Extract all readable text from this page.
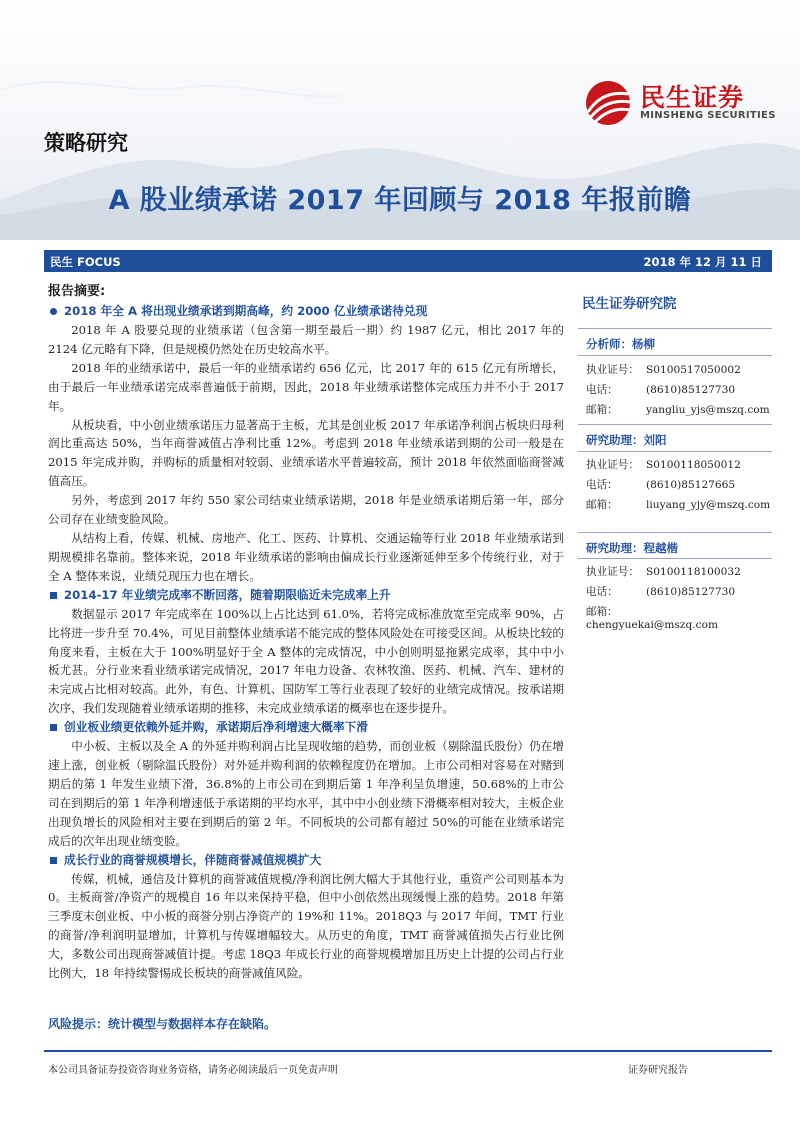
民生证券
MINSHENG SECURITIES
策略研究
A 股业绩承诺 2017 年回顾与 2018 年报前瞻
民生 FOCUS	2018 年 12 月 11 日
报告摘要:
2018 年全 A 将出现业绩承诺到期高峰，约 2000 亿业绩承诺待兑现
2018 年 A 股要兑现的业绩承诺（包含第一期至最后一期）约 1987 亿元，相比 2017 年的 2124 亿元略有下降，但是规模仍然处在历史较高水平。
2018 年的业绩承诺中，最后一年的业绩承诺约 656 亿元，比 2017 年的 615 亿元有所增长，由于最后一年业绩承诺完成率普遍低于前期，因此，2018 年业绩承诺整体完成压力并不小于 2017 年。
从板块看，中小创业绩承诺压力显著高于主板，尤其是创业板 2017 年承诺净利润占板块归母利润比重高达 50%，当年商誉减值占净利比重 12%。考虑到 2018 年业绩承诺到期的公司一般是在 2015 年完成并购，并购标的质量相对较弱、业绩承诺水平普遍较高，预计 2018 年依然面临商誉减值高压。
另外，考虑到 2017 年约 550 家公司结束业绩承诺期，2018 年是业绩承诺期后第一年，部分公司存在业绩变脸风险。
从结构上看，传媒、机械、房地产、化工、医药、计算机、交通运输等行业 2018 年业绩承诺到期规模排名靠前。整体来说，2018 年业绩承诺的影响由偏成长行业逐渐延伸至多个传统行业，对于全 A 整体来说，业绩兑现压力也在增长。
2014-17 年业绩完成率不断回落，随着期限临近未完成率上升
数据显示 2017 年完成率在 100%以上占比达到 61.0%，若将完成标准放宽至完成率 90%，占比将进一步升至 70.4%，可见目前整体业绩承诺不能完成的整体风险处在可接受区间。从板块比较的角度来看，主板在大于 100%明显好于全 A 整体的完成情况，中小创则明显拖累完成率，其中中小板尤甚。分行业来看业绩承诺完成情况，2017 年电力设备、农林牧渔、医药、机械、汽车、建材的未完成占比相对较高。此外，有色、计算机、国防军工等行业表现了较好的业绩完成情况。按承诺期次序，我们发现随着业绩承诺期的推移，未完成业绩承诺的概率也在逐步提升。
创业板业绩更依赖外延并购，承诺期后净利增速大概率下滑
中小板、主板以及全 A 的外延并购利润占比呈现收缩的趋势，而创业板（剔除温氏股份）仍在增速上涨，创业板（剔除温氏股份）对外延并购利润的依赖程度仍在增加。上市公司相对容易在对赌到期后的第 1 年发生业绩下滑，36.8%的上市公司在到期后第 1 年净利呈负增速，50.68%的上市公司在到期后的第 1 年净利增速低于承诺期的平均水平，其中中小创业绩下滑概率相对较大，主板企业出现负增长的风险相对主要在到期后的第 2 年。不同板块的公司都有超过 50%的可能在业绩承诺完成后的次年出现业绩变脸。
成长行业的商誉规模增长，伴随商誉减值规模扩大
传媒，机械，通信及计算机的商誉减值规模/净利润比例大幅大于其他行业，重资产公司则基本为 0。主板商誉/净资产的规模自 16 年以来保持平稳，但中小创依然出现缓慢上涨的趋势。2018 年第三季度末创业板、中小板的商誉分别占净资产的 19%和 11%。2018Q3 与 2017 年间，TMT 行业的商誉/净利润明显增加，计算机与传媒增幅较大。从历史的角度，TMT 商誉减值损失占行业比例大，多数公司出现商誉减值计提。考虑 18Q3 年成长行业的商誉规模增加且历史上计提的公司占行业比例大，18 年持续警惕成长板块的商誉减值风险。
风险提示：统计模型与数据样本存在缺陷。
民生证券研究院
分析师：杨柳
执业证号： S0100517050002
电话：	(8610)85127730
邮箱：	yangliu_yjs@mszq.com
研究助理：刘阳
执业证号： S0100118050012
电话：	(8610)85127665
邮箱：	liuyang_yjy@mszq.com
研究助理：程越楷
执业证号： S0100118100032
电话：	(8610)85127730
邮箱：chengyuekai@mszq.com
本公司具备证券投资咨询业务资格，请务必阅读最后一页免责声明	证券研究报告
